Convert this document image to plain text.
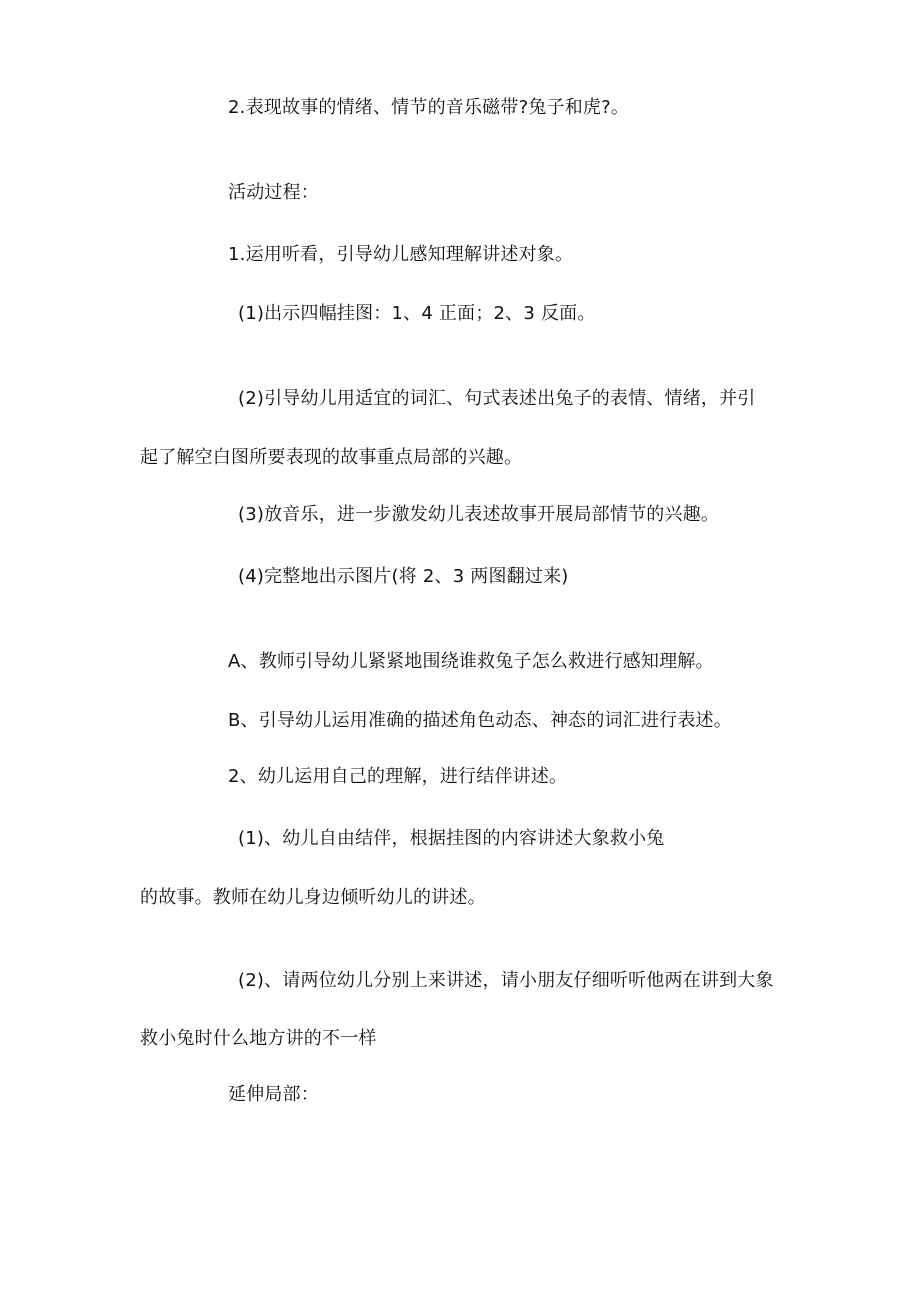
2.表现故事的情绪、情节的音乐磁带?兔子和虎?。
活动过程：
1.运用听看，引导幼儿感知理解讲述对象。
(1)出示四幅挂图：1、4 正面；2、3 反面。
(2)引导幼儿用适宜的词汇、句式表述出兔子的表情、情绪，并引
起了解空白图所要表现的故事重点局部的兴趣。
(3)放音乐，进一步激发幼儿表述故事开展局部情节的兴趣。
(4)完整地出示图片(将 2、3 两图翻过来)
A、教师引导幼儿紧紧地围绕谁救兔子怎么救进行感知理解。
B、引导幼儿运用准确的描述角色动态、神态的词汇进行表述。
2、幼儿运用自己的理解，进行结伴讲述。
(1)、幼儿自由结伴，根据挂图的内容讲述大象救小兔
的故事。教师在幼儿身边倾听幼儿的讲述。
(2)、请两位幼儿分别上来讲述，请小朋友仔细听听他两在讲到大象
救小兔时什么地方讲的不一样
延伸局部：
